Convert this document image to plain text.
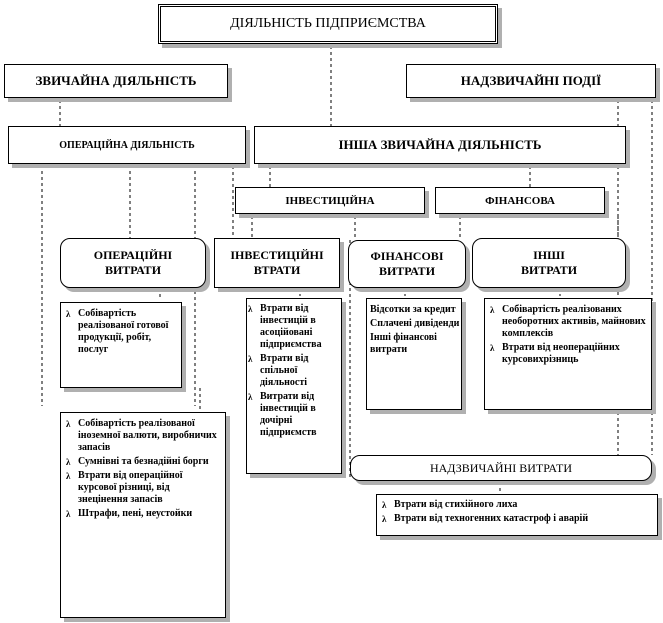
ДІЯЛЬНІСТЬ ПІДПРИЄМСТВА
ЗВИЧАЙНА ДІЯЛЬНІСТЬ	НАДЗВИЧАЙНІ ПОДІЇ
ОПЕРАЦІЙНА ДІЯЛЬНІСТЬ	ІНША ЗВИЧАЙНА ДІЯЛЬНІСТЬ
ІНВЕСТИЦІЙНА	ФІНАНСОВА
ОПЕРАЦІЙНІ
ВИТРАТИ
ІНВЕСТИЦІЙНІ
ВТРАТИ
ФІНАНСОВІ
ВИТРАТИ
ІНШІ
ВИТРАТИ
λ Собівартість реалізованої готової продукції, робіт, послуг
λ Собівартість реалізованої іноземної валюти, виробничих запасів
λ Сумнівні та безнадійні борги
λ Втрати від операційної курсової різниці, від знецінення запасів
λ Штрафи, пені, неустойки
λ Втрати від інвестицій в асоційовані підприємства
λ Втрати від спільної діяльності
λ Витрати від інвестицій в дочірні підприємств
Відсотки за кредит
Сплачені дивіденди
Інші фінансові витрати
λ Собівартість реалізованих необоротних активів, майнових комплексів
λ Втрати від неопераційних курсовихрізниць
НАДЗВИЧАЙНІ ВИТРАТИ
λ Втрати від стихійного лиха
λ Втрати від техногенних катастроф і аварій
